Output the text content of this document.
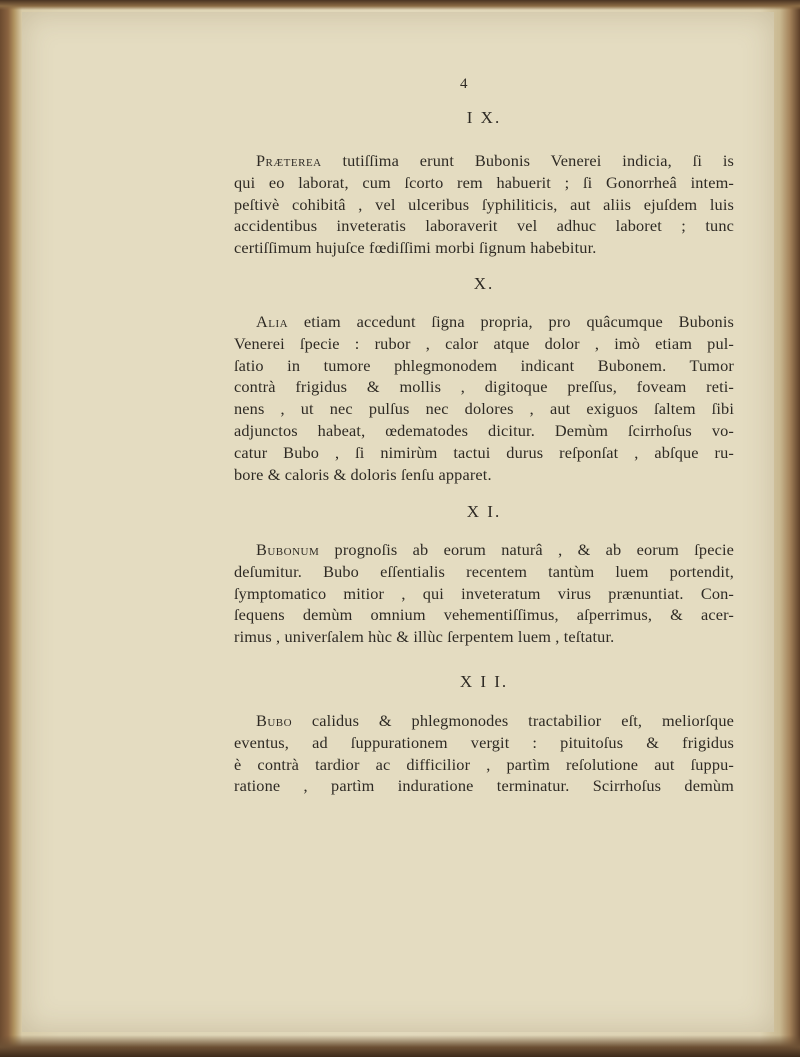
4
I X.

Præterea tutiſſima erunt Bubonis Venerei indicia, ſi is

qui eo laborat, cum ſcorto rem habuerit ; ſi Gonorrheâ intem-

peſtivè cohibitâ , vel ulceribus ſyphiliticis, aut aliis ejuſdem luis

accidentibus inveteratis laboraverit vel adhuc laboret ; tunc

certiſſimum hujuſce fœdiſſimi morbi ſignum habebitur.

X.

Alia etiam accedunt ſigna propria, pro quâcumque Bubonis

Venerei ſpecie : rubor , calor atque dolor , imò etiam pul-

ſatio in tumore phlegmonodem indicant Bubonem. Tumor

contrà frigidus & mollis , digitoque preſſus, foveam reti-

nens , ut nec pulſus nec dolores , aut exiguos ſaltem ſibi

adjunctos habeat, œdematodes dicitur. Demùm ſcirrhoſus vo-

catur Bubo , ſi nimirùm tactui durus reſponſat , abſque ru-

bore & caloris & doloris ſenſu apparet.

X I.

Bubonum prognoſis ab eorum naturâ , & ab eorum ſpecie

deſumitur. Bubo eſſentialis recentem tantùm luem portendit,

ſymptomatico mitior , qui inveteratum virus prænuntiat. Con-

ſequens demùm omnium vehementiſſimus, aſperrimus, & acer-

rimus , univerſalem hùc & illùc ſerpentem luem , teſtatur.

X I I.

Bubo calidus & phlegmonodes tractabilior eſt, meliorſque

eventus, ad ſuppurationem vergit : pituitoſus & frigidus

è contrà tardior ac difficilior , partìm reſolutione aut ſuppu-

ratione , partìm induratione terminatur. Scirrhoſus demùm
